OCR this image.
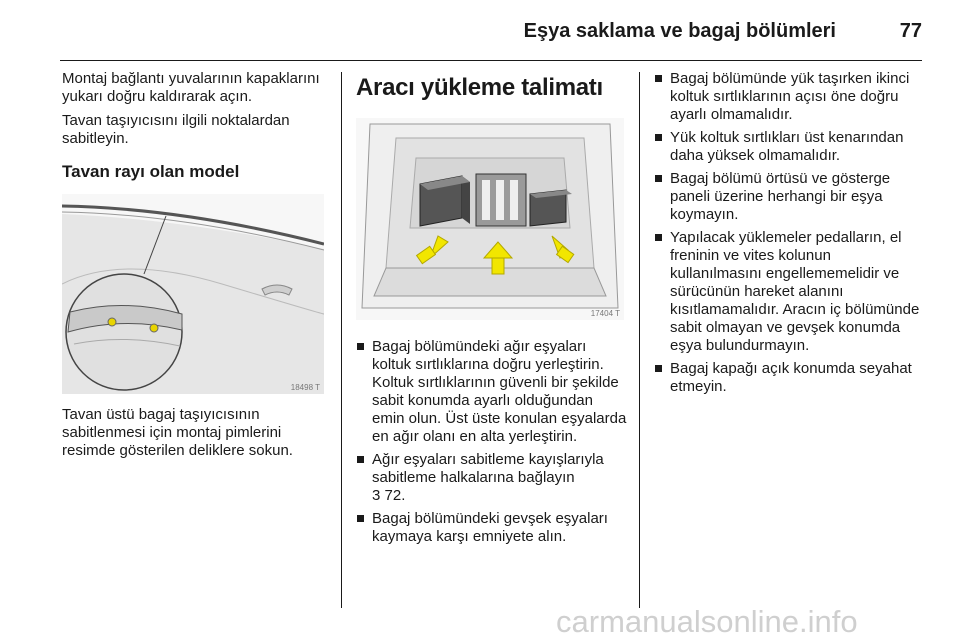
Eşya saklama ve bagaj bölümleri	77

Montaj bağlantı yuvalarının kapaklarını yukarı doğru kaldırarak açın.

Tavan taşıyıcısını ilgili noktalardan sabitleyin.

Tavan rayı olan model
18498 T

Tavan üstü bagaj taşıyıcısının sabitlenmesi için montaj pimlerini resimde gösterilen deliklere sokun.

Aracı yükleme talimatı
17404 T
Bagaj bölümündeki ağır eşyaları koltuk sırtlıklarına doğru yerleştirin. Koltuk sırtlıklarının güvenli bir şekilde sabit konumda ayarlı olduğundan emin olun. Üst üste konulan eşyalarda en ağır olanı en alta yerleştirin.
Ağır eşyaları sabitleme kayışlarıyla sabitleme halkalarına bağlayın
3 72.
Bagaj bölümündeki gevşek eşyaları kaymaya karşı emniyete alın.
Bagaj bölümünde yük taşırken ikinci koltuk sırtlıklarının açısı öne doğru ayarlı olmamalıdır.
Yük koltuk sırtlıkları üst kenarından daha yüksek olmamalıdır.
Bagaj bölümü örtüsü ve gösterge paneli üzerine herhangi bir eşya koymayın.
Yapılacak yüklemeler pedalların, el freninin ve vites kolunun kullanılmasını engellememelidir ve sürücünün hareket alanını kısıtlamamalıdır. Aracın iç bölümünde sabit olmayan ve gevşek konumda eşya bulundurmayın.
Bagaj kapağı açık konumda seyahat etmeyin.
carmanualsonline.info
